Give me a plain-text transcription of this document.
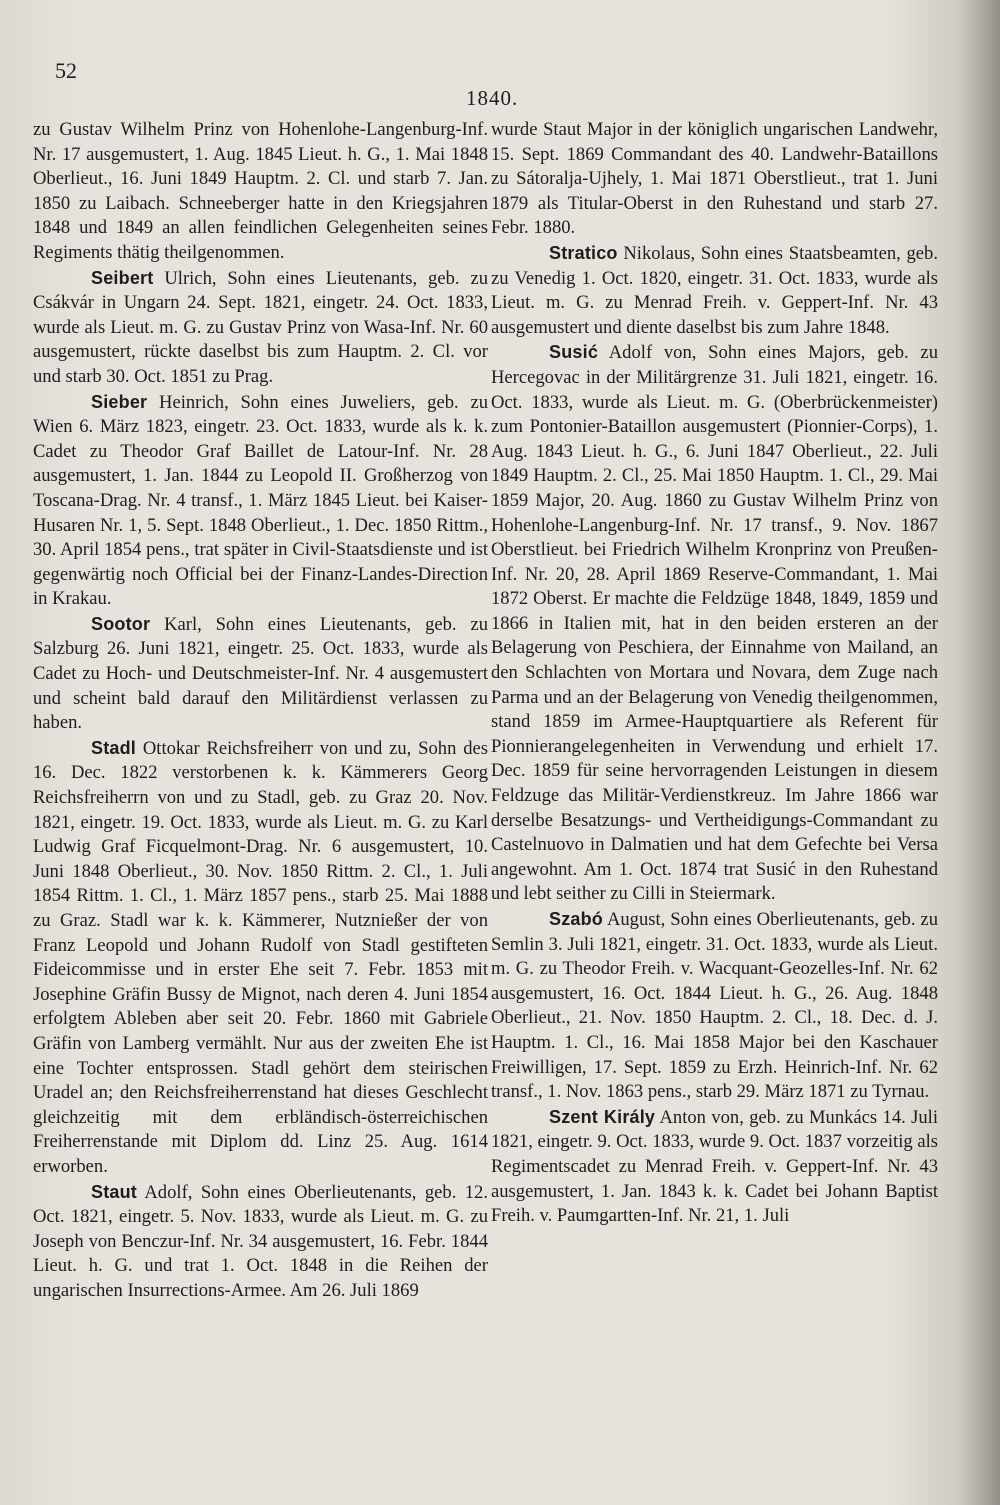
52
1840.

zu Gustav Wilhelm Prinz von Hohenlohe-Langenburg-Inf. Nr. 17 ausgemustert, 1. Aug. 1845 Lieut. h. G., 1. Mai 1848 Oberlieut., 16. Juni 1849 Hauptm. 2. Cl. und starb 7. Jan. 1850 zu Laibach. Schneeberger hatte in den Kriegsjahren 1848 und 1849 an allen feindlichen Gelegenheiten seines Regiments thätig theilgenommen.

Seibert Ulrich, Sohn eines Lieutenants, geb. zu Csákvár in Ungarn 24. Sept. 1821, eingetr. 24. Oct. 1833, wurde als Lieut. m. G. zu Gustav Prinz von Wasa-Inf. Nr. 60 ausgemustert, rückte daselbst bis zum Hauptm. 2. Cl. vor und starb 30. Oct. 1851 zu Prag.

Sieber Heinrich, Sohn eines Juweliers, geb. zu Wien 6. März 1823, eingetr. 23. Oct. 1833, wurde als k. k. Cadet zu Theodor Graf Baillet de Latour-Inf. Nr. 28 ausgemustert, 1. Jan. 1844 zu Leopold II. Großherzog von Toscana-Drag. Nr. 4 transf., 1. März 1845 Lieut. bei Kaiser-Husaren Nr. 1, 5. Sept. 1848 Oberlieut., 1. Dec. 1850 Rittm., 30. April 1854 pens., trat später in Civil-Staatsdienste und ist gegenwärtig noch Official bei der Finanz-Landes-Direction in Krakau.

Sootor Karl, Sohn eines Lieutenants, geb. zu Salzburg 26. Juni 1821, eingetr. 25. Oct. 1833, wurde als Cadet zu Hoch- und Deutschmeister-Inf. Nr. 4 ausgemustert und scheint bald darauf den Militärdienst verlassen zu haben.

Stadl Ottokar Reichsfreiherr von und zu, Sohn des 16. Dec. 1822 verstorbenen k. k. Kämmerers Georg Reichsfreiherrn von und zu Stadl, geb. zu Graz 20. Nov. 1821, eingetr. 19. Oct. 1833, wurde als Lieut. m. G. zu Karl Ludwig Graf Ficquelmont-Drag. Nr. 6 ausgemustert, 10. Juni 1848 Oberlieut., 30. Nov. 1850 Rittm. 2. Cl., 1. Juli 1854 Rittm. 1. Cl., 1. März 1857 pens., starb 25. Mai 1888 zu Graz. Stadl war k. k. Kämmerer, Nutznießer der von Franz Leopold und Johann Rudolf von Stadl gestifteten Fideicommisse und in erster Ehe seit 7. Febr. 1853 mit Josephine Gräfin Bussy de Mignot, nach deren 4. Juni 1854 erfolgtem Ableben aber seit 20. Febr. 1860 mit Gabriele Gräfin von Lamberg vermählt. Nur aus der zweiten Ehe ist eine Tochter entsprossen. Stadl gehört dem steirischen Uradel an; den Reichsfreiherrenstand hat dieses Geschlecht gleichzeitig mit dem erbländisch-österreichischen Freiherrenstande mit Diplom dd. Linz 25. Aug. 1614 erworben.

Staut Adolf, Sohn eines Oberlieutenants, geb. 12. Oct. 1821, eingetr. 5. Nov. 1833, wurde als Lieut. m. G. zu Joseph von Benczur-Inf. Nr. 34 ausgemustert, 16. Febr. 1844 Lieut. h. G. und trat 1. Oct. 1848 in die Reihen der ungarischen Insurrections-Armee. Am 26. Juli 1869

wurde Staut Major in der königlich ungarischen Landwehr, 15. Sept. 1869 Commandant des 40. Landwehr-Bataillons zu Sátoralja-Ujhely, 1. Mai 1871 Oberstlieut., trat 1. Juni 1879 als Titular-Oberst in den Ruhestand und starb 27. Febr. 1880.

Stratico Nikolaus, Sohn eines Staatsbeamten, geb. zu Venedig 1. Oct. 1820, eingetr. 31. Oct. 1833, wurde als Lieut. m. G. zu Menrad Freih. v. Geppert-Inf. Nr. 43 ausgemustert und diente daselbst bis zum Jahre 1848.

Susić Adolf von, Sohn eines Majors, geb. zu Hercegovac in der Militärgrenze 31. Juli 1821, eingetr. 16. Oct. 1833, wurde als Lieut. m. G. (Oberbrückenmeister) zum Pontonier-Bataillon ausgemustert (Pionnier-Corps), 1. Aug. 1843 Lieut. h. G., 6. Juni 1847 Oberlieut., 22. Juli 1849 Hauptm. 2. Cl., 25. Mai 1850 Hauptm. 1. Cl., 29. Mai 1859 Major, 20. Aug. 1860 zu Gustav Wilhelm Prinz von Hohenlohe-Langenburg-Inf. Nr. 17 transf., 9. Nov. 1867 Oberstlieut. bei Friedrich Wilhelm Kronprinz von Preußen-Inf. Nr. 20, 28. April 1869 Reserve-Commandant, 1. Mai 1872 Oberst. Er machte die Feldzüge 1848, 1849, 1859 und 1866 in Italien mit, hat in den beiden ersteren an der Belagerung von Peschiera, der Einnahme von Mailand, an den Schlachten von Mortara und Novara, dem Zuge nach Parma und an der Belagerung von Venedig theilgenommen, stand 1859 im Armee-Hauptquartiere als Referent für Pionnierangelegenheiten in Verwendung und erhielt 17. Dec. 1859 für seine hervorragenden Leistungen in diesem Feldzuge das Militär-Verdienstkreuz. Im Jahre 1866 war derselbe Besatzungs- und Vertheidigungs-Commandant zu Castelnuovo in Dalmatien und hat dem Gefechte bei Versa angewohnt. Am 1. Oct. 1874 trat Susić in den Ruhestand und lebt seither zu Cilli in Steiermark.

Szabó August, Sohn eines Oberlieutenants, geb. zu Semlin 3. Juli 1821, eingetr. 31. Oct. 1833, wurde als Lieut. m. G. zu Theodor Freih. v. Wacquant-Geozelles-Inf. Nr. 62 ausgemustert, 16. Oct. 1844 Lieut. h. G., 26. Aug. 1848 Oberlieut., 21. Nov. 1850 Hauptm. 2. Cl., 18. Dec. d. J. Hauptm. 1. Cl., 16. Mai 1858 Major bei den Kaschauer Freiwilligen, 17. Sept. 1859 zu Erzh. Heinrich-Inf. Nr. 62 transf., 1. Nov. 1863 pens., starb 29. März 1871 zu Tyrnau.

Szent Király Anton von, geb. zu Munkács 14. Juli 1821, eingetr. 9. Oct. 1833, wurde 9. Oct. 1837 vorzeitig als Regimentscadet zu Menrad Freih. v. Geppert-Inf. Nr. 43 ausgemustert, 1. Jan. 1843 k. k. Cadet bei Johann Baptist Freih. v. Paumgartten-Inf. Nr. 21, 1. Juli
